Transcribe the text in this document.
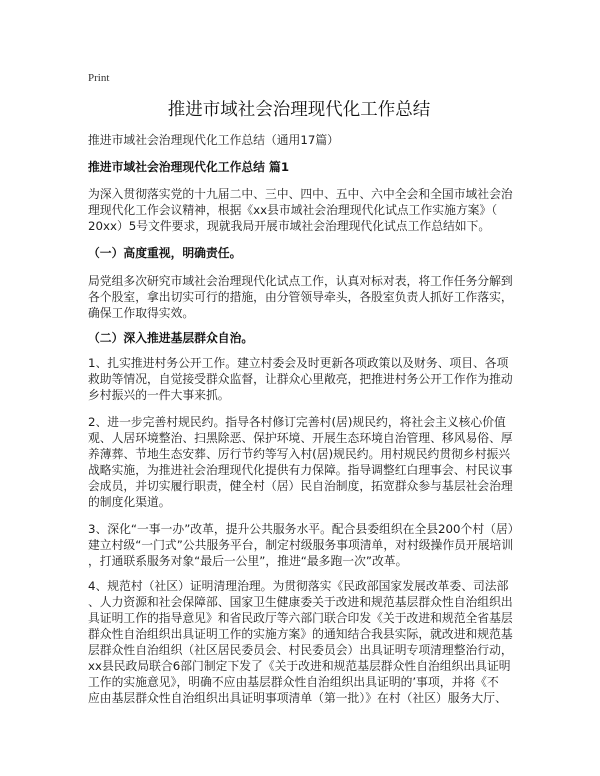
Print
推进市域社会治理现代化工作总结
推进市域社会治理现代化工作总结（通用17篇）
推进市域社会治理现代化工作总结 篇1
为深入贯彻落实党的十九届二中、三中、四中、五中、六中全会和全国市域社会治
理现代化工作会议精神，根据《xx县市域社会治理现代化试点工作实施方案》（
20xx）5号文件要求，现就我局开展市域社会治理现代化试点工作总结如下。
（一）高度重视，明确责任。
局党组多次研究市域社会治理现代化试点工作，认真对标对表，将工作任务分解到
各个股室，拿出切实可行的措施，由分管领导牵头，各股室负责人抓好工作落实，
确保工作取得实效。
（二）深入推进基层群众自治。
1、扎实推进村务公开工作。建立村委会及时更新各项政策以及财务、项目、各项
救助等情况，自觉接受群众监督，让群众心里敞亮，把推进村务公开工作作为推动
乡村振兴的一件大事来抓。
2、进一步完善村规民约。指导各村修订完善村(居)规民约，将社会主义核心价值
观、人居环境整治、扫黑除恶、保护环境、开展生态环境自治管理、移风易俗、厚
养薄葬、节地生态安葬、厉行节约等写入村(居)规民约。用村规民约贯彻乡村振兴
战略实施，为推进社会治理现代化提供有力保障。指导调整红白理事会、村民议事
会成员，并切实履行职责，健全村（居）民自治制度，拓宽群众参与基层社会治理
的制度化渠道。
3、深化“一事一办”改革，提升公共服务水平。配合县委组织在全县200个村（居）
建立村级“一门式”公共服务平台，制定村级服务事项清单，对村级操作员开展培训
，打通联系服务对象“最后一公里”，推进“最多跑一次”改革。
4、规范村（社区）证明清理治理。为贯彻落实《民政部国家发展改革委、司法部
、人力资源和社会保障部、国家卫生健康委关于改进和规范基层群众性自治组织出
具证明工作的指导意见》和省民政厅等六部门联合印发《关于改进和规范全省基层
群众性自治组织出具证明工作的实施方案》的通知结合我县实际，就改进和规范基
层群众性自治组织（社区居民委员会、村民委员会）出具证明专项清理整治行动，
xx县民政局联合6部门制定下发了《关于改进和规范基层群众性自治组织出具证明
工作的实施意见》，明确不应由基层群众性自治组织出具证明的’事项，并将《不
应由基层群众性自治组织出具证明事项清单（第一批）》在村（社区）服务大厅、
